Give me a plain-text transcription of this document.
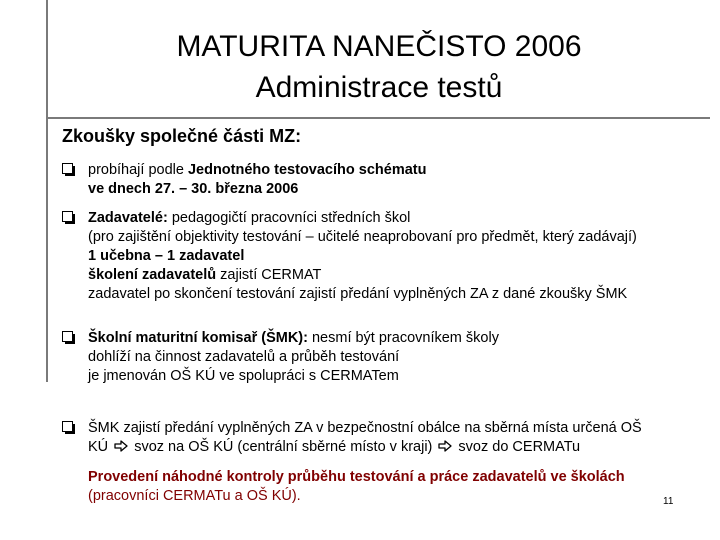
MATURITA NANEČISTO 2006
Administrace testů
Zkoušky společné části MZ:
probíhají podle Jednotného testovacího schématu
ve dnech 27. – 30. března 2006
Zadavatelé: pedagogičtí pracovníci středních škol
(pro zajištění objektivity testování – učitelé neaprobovaní pro předmět, který zadávají)
1 učebna – 1 zadavatel
školení zadavatelů zajistí CERMAT
zadavatel po skončení testování zajistí předání vyplněných ZA z dané zkoušky ŠMK
Školní maturitní komisař (ŠMK): nesmí být pracovníkem školy
dohlíží na činnost zadavatelů a průběh testování
je jmenován OŠ KÚ ve spolupráci s CERMATem
ŠMK zajistí předání vyplněných ZA v bezpečnostní obálce na sběrná místa určená OŠ
KÚ  svoz na OŠ KÚ (centrální sběrné místo v kraji)  svoz do CERMATu
Provedení náhodné kontroly průběhu testování a práce zadavatelů ve školách
(pracovníci CERMATu a OŠ KÚ).	11
